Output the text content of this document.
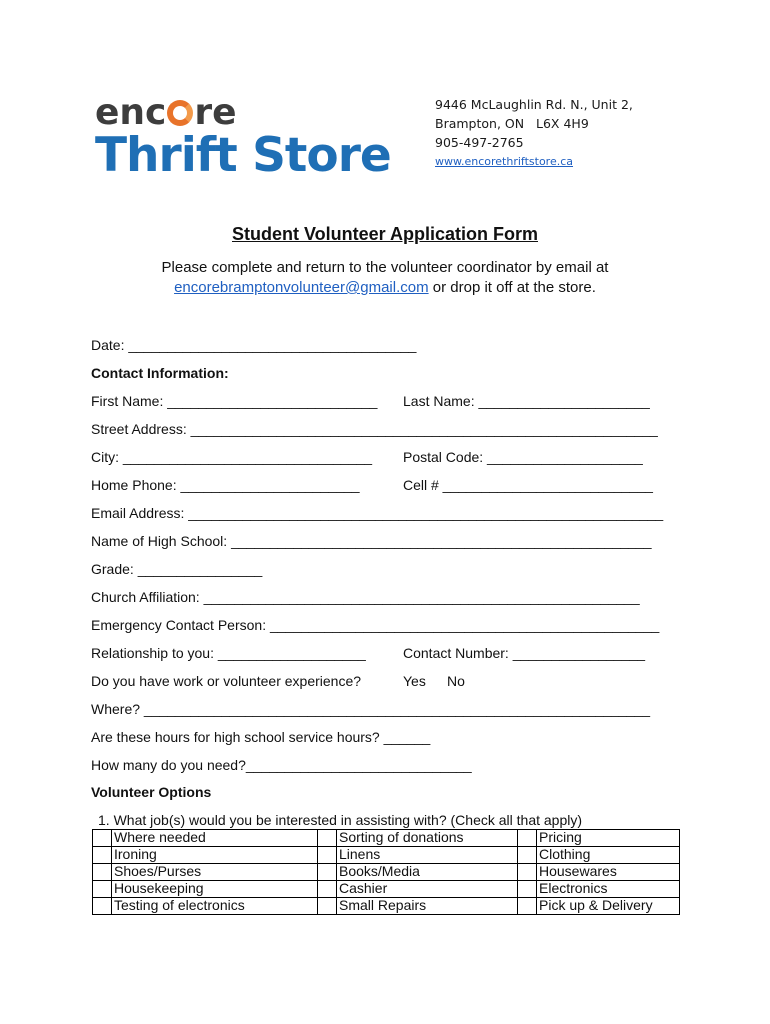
enc re
Thrift Store
9446 McLaughlin Rd. N., Unit 2,
Brampton, ON   L6X 4H9
905-497-2765
www.encorethriftstore.ca
Student Volunteer Application Form
Please complete and return to the volunteer coordinator by email at
encorebramptonvolunteer@gmail.com or drop it off at the store.
Date: _____________________________________
Contact Information:
First Name: ___________________________ Last Name: ______________________
Street Address: ____________________________________________________________
City: ________________________________ Postal Code: ____________________
Home Phone: _______________________	Cell # ___________________________
Email Address: _____________________________________________________________
Name of High School: ______________________________________________________
Grade: ________________
Church Affiliation: ________________________________________________________
Emergency Contact Person: __________________________________________________
Relationship to you: ___________________	Contact Number: _________________
Do you have work or volunteer experience?	Yes No
Where? _________________________________________________________________
Are these hours for high school service hours? ______
How many do you need?_____________________________
Volunteer Options
1. What job(s) would you be interested in assisting with? (Check all that apply)
	Where needed		Sorting of donations		Pricing
	Ironing		Linens		Clothing
	Shoes/Purses		Books/Media		Housewares
	Housekeeping		Cashier		Electronics
	Testing of electronics		Small Repairs		Pick up & Delivery
